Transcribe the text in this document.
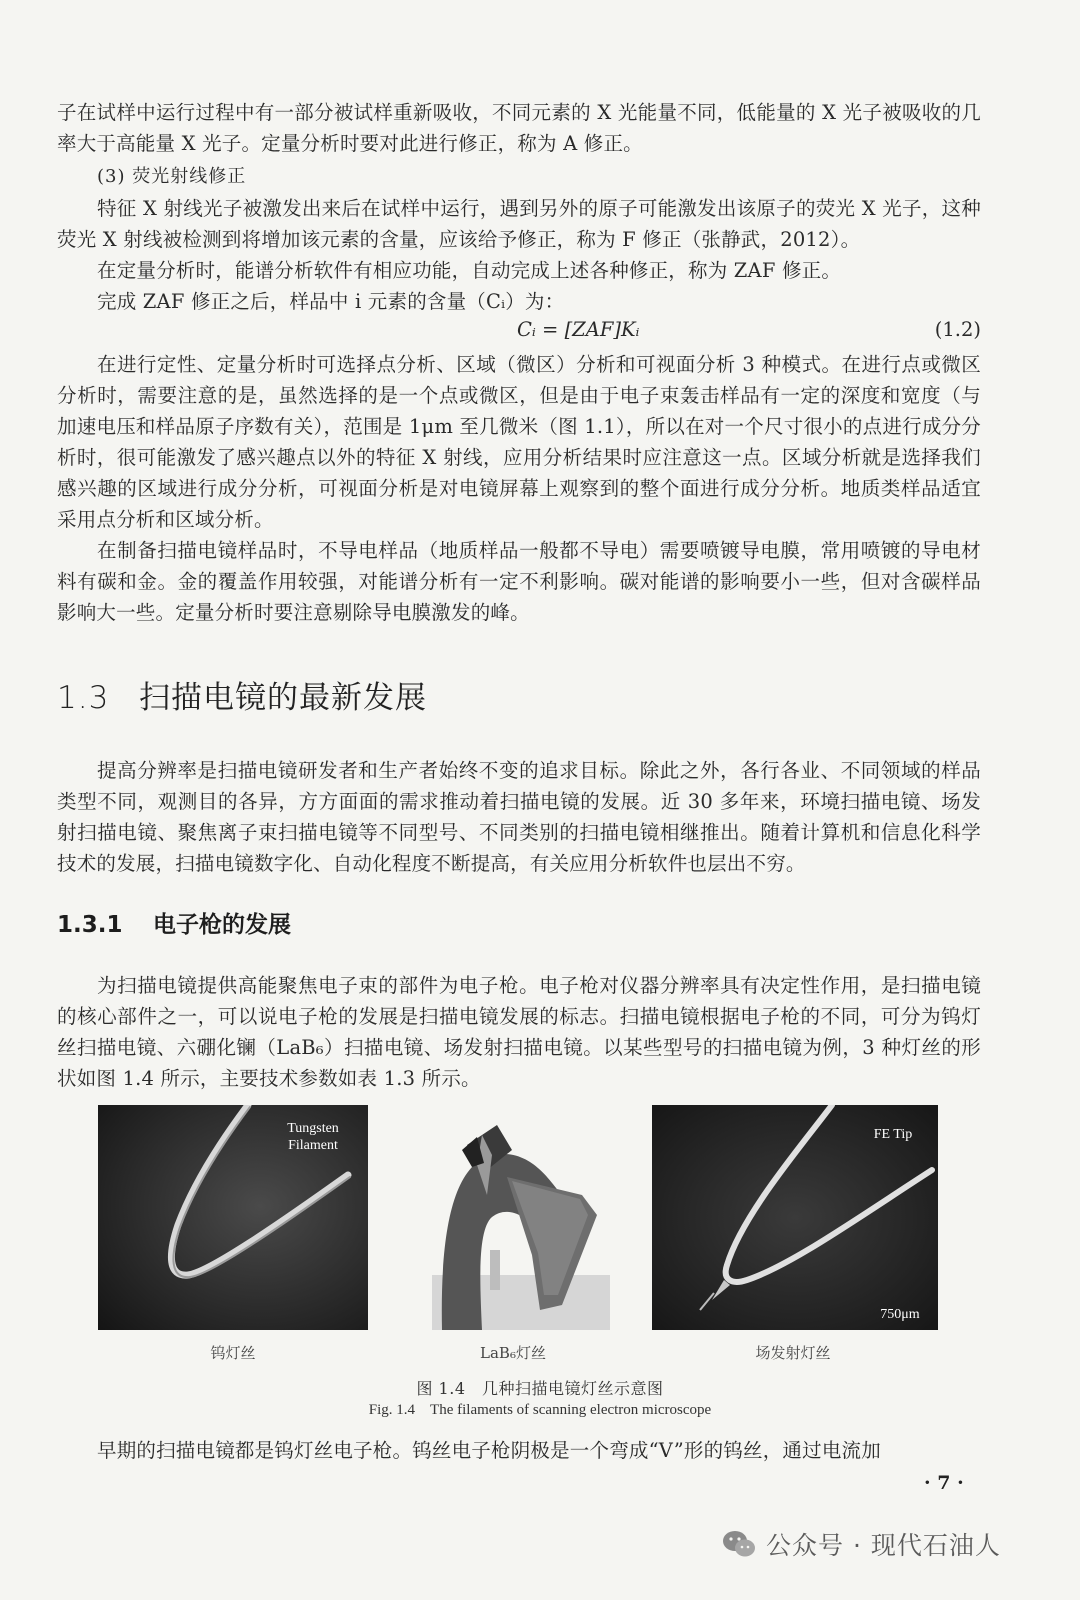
子在试样中运行过程中有一部分被试样重新吸收，不同元素的 X 光能量不同，低能量的 X 光子被吸收的几率大于高能量 X 光子。定量分析时要对此进行修正，称为 A 修正。

(3) 荧光射线修正

特征 X 射线光子被激发出来后在试样中运行，遇到另外的原子可能激发出该原子的荧光 X 光子，这种荧光 X 射线被检测到将增加该元素的含量，应该给予修正，称为 F 修正（张静武，2012）。

在定量分析时，能谱分析软件有相应功能，自动完成上述各种修正，称为 ZAF 修正。

完成 ZAF 修正之后，样品中 i 元素的含量（Cᵢ）为：

Cᵢ = [ZAF]Kᵢ	(1.2)

在进行定性、定量分析时可选择点分析、区域（微区）分析和可视面分析 3 种模式。在进行点或微区分析时，需要注意的是，虽然选择的是一个点或微区，但是由于电子束轰击样品有一定的深度和宽度（与加速电压和样品原子序数有关），范围是 1μm 至几微米（图 1.1），所以在对一个尺寸很小的点进行成分分析时，很可能激发了感兴趣点以外的特征 X 射线，应用分析结果时应注意这一点。区域分析就是选择我们感兴趣的区域进行成分分析，可视面分析是对电镜屏幕上观察到的整个面进行成分分析。地质类样品适宜采用点分析和区域分析。

在制备扫描电镜样品时，不导电样品（地质样品一般都不导电）需要喷镀导电膜，常用喷镀的导电材料有碳和金。金的覆盖作用较强，对能谱分析有一定不利影响。碳对能谱的影响要小一些，但对含碳样品影响大一些。定量分析时要注意剔除导电膜激发的峰。

1.3 扫描电镜的最新发展

提高分辨率是扫描电镜研发者和生产者始终不变的追求目标。除此之外，各行各业、不同领域的样品类型不同，观测目的各异，方方面面的需求推动着扫描电镜的发展。近 30 多年来，环境扫描电镜、场发射扫描电镜、聚焦离子束扫描电镜等不同型号、不同类别的扫描电镜相继推出。随着计算机和信息化科学技术的发展，扫描电镜数字化、自动化程度不断提高，有关应用分析软件也层出不穷。

1.3.1 电子枪的发展

为扫描电镜提供高能聚焦电子束的部件为电子枪。电子枪对仪器分辨率具有决定性作用，是扫描电镜的核心部件之一，可以说电子枪的发展是扫描电镜发展的标志。扫描电镜根据电子枪的不同，可分为钨灯丝扫描电镜、六硼化镧（LaB₆）扫描电镜、场发射扫描电镜。以某些型号的扫描电镜为例，3 种灯丝的形状如图 1.4 所示，主要技术参数如表 1.3 所示。

Tungsten
Filament
FE Tip
750μm
钨灯丝	LaB₆灯丝	场发射灯丝
图 1.4　几种扫描电镜灯丝示意图
Fig. 1.4　The filaments of scanning electron microscope

早期的扫描电镜都是钨灯丝电子枪。钨丝电子枪阴极是一个弯成“V”形的钨丝，通过电流加

· 7 ·
公众号 · 现代石油人
